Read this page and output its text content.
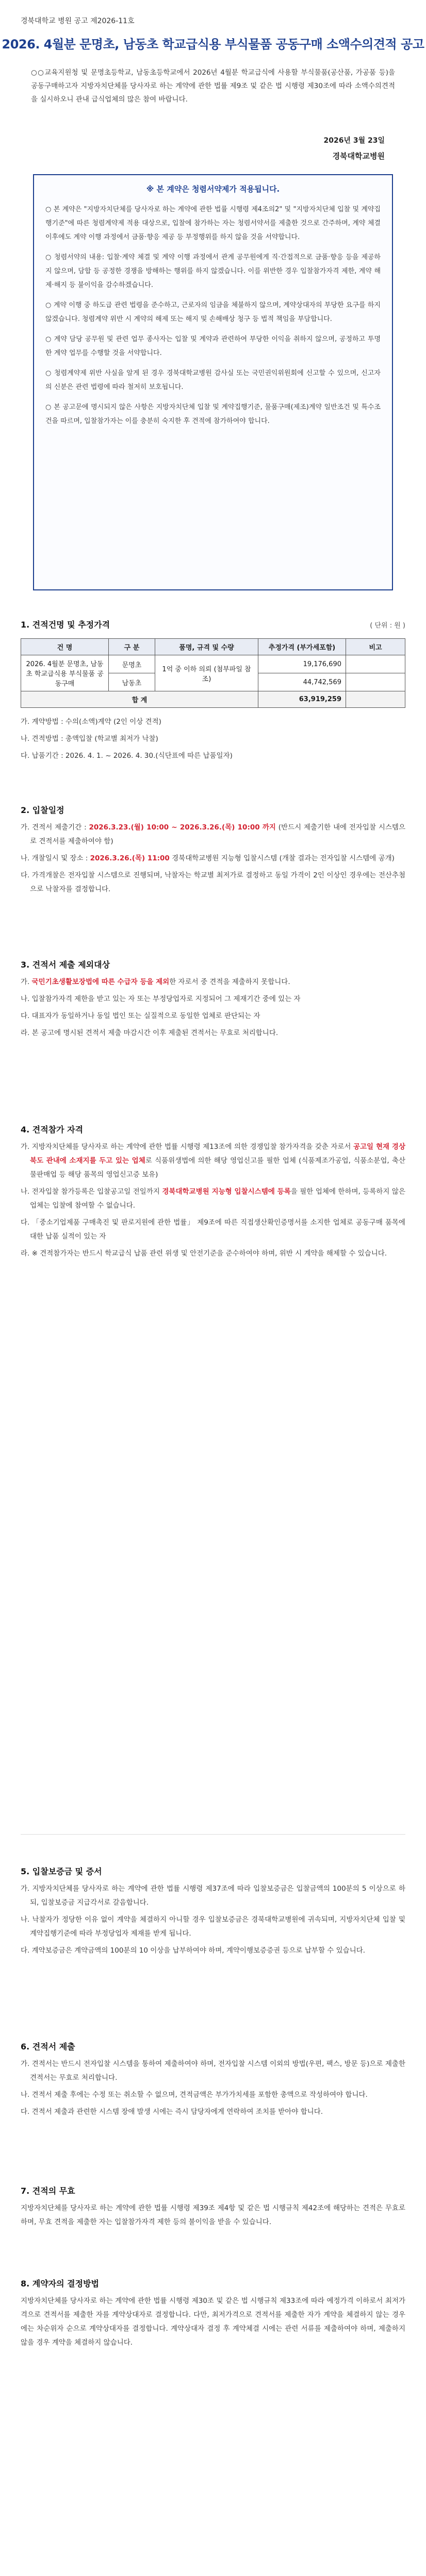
경북대학교 병원 공고 제2026-11호
2026. 4월분 문명초, 남동초 학교급식용 부식물품 공동구매 소액수의견적 공고
○○교육지원청 및 문명초등학교, 남동초등학교에서 2026년 4월분 학교급식에 사용할 부식물품(공산품, 가공품 등)을 공동구매하고자 지방자치단체를 당사자로 하는 계약에 관한 법률 제9조 및 같은 법 시행령 제30조에 따라 소액수의견적을 실시하오니 관내 급식업체의 많은 참여 바랍니다.
2026년 3월 23일
경북대학교병원
※ 본 계약은 청렴서약제가 적용됩니다.
○ 본 계약은 "지방자치단체를 당사자로 하는 계약에 관한 법률 시행령 제4조의2" 및 "지방자치단체 입찰 및 계약집행기준"에 따른 청렴계약제 적용 대상으로, 입찰에 참가하는 자는 청렴서약서를 제출한 것으로 간주하며, 계약 체결 이후에도 계약 이행 과정에서 금품·향응 제공 등 부정행위를 하지 않을 것을 서약합니다.
○ 청렴서약의 내용: 입찰·계약 체결 및 계약 이행 과정에서 관계 공무원에게 직·간접적으로 금품·향응 등을 제공하지 않으며, 담합 등 공정한 경쟁을 방해하는 행위를 하지 않겠습니다. 이를 위반한 경우 입찰참가자격 제한, 계약 해제·해지 등 불이익을 감수하겠습니다.
○ 계약 이행 중 하도급 관련 법령을 준수하고, 근로자의 임금을 체불하지 않으며, 계약상대자의 부당한 요구를 하지 않겠습니다. 청렴계약 위반 시 계약의 해제 또는 해지 및 손해배상 청구 등 법적 책임을 부담합니다.
○ 계약 담당 공무원 및 관련 업무 종사자는 입찰 및 계약과 관련하여 부당한 이익을 취하지 않으며, 공정하고 투명한 계약 업무를 수행할 것을 서약합니다.
○ 청렴계약제 위반 사실을 알게 된 경우 경북대학교병원 감사실 또는 국민권익위원회에 신고할 수 있으며, 신고자의 신분은 관련 법령에 따라 철저히 보호됩니다.
○ 본 공고문에 명시되지 않은 사항은 지방자치단체 입찰 및 계약집행기준, 물품구매(제조)계약 일반조건 및 특수조건을 따르며, 입찰참가자는 이를 충분히 숙지한 후 견적에 참가하여야 합니다.
1. 견적건명 및 추정가격	( 단위 : 원 )
건 명	구 분	품명, 규격 및 수량	추정가격 (부가세포함)	비고
2026. 4월분 문명초, 남동초 학교급식용 부식물품 공동구매	문명초	1억 중 이하 의뢰 (첨부파일 참조)	19,176,690	
	남동초		44,742,569	
합 계			63,919,259	
가. 계약방법 : 수의(소액)계약 (2인 이상 견적)
나. 견적방법 : 총액입찰 (학교별 최저가 낙찰)
다. 납품기간 : 2026. 4. 1. ~ 2026. 4. 30.(식단표에 따른 납품일자)
2. 입찰일정
가. 견적서 제출기간 : 2026.3.23.(월) 10:00 ~ 2026.3.26.(목) 10:00 까지 (반드시 제출기한 내에 전자입찰 시스템으로 견적서를 제출하여야 함)
나. 개찰일시 및 장소 : 2026.3.26.(목) 11:00 경북대학교병원 지능형 입찰시스템 (개찰 결과는 전자입찰 시스템에 공개)
다. 가격개찰은 전자입찰 시스템으로 진행되며, 낙찰자는 학교별 최저가로 결정하고 동일 가격이 2인 이상인 경우에는 전산추첨으로 낙찰자를 결정합니다.
3. 견적서 제출 제외대상
가. 국민기초생활보장법에 따른 수급자 등을 제외한 자로서 중 견적을 제출하지 못합니다.
나. 입찰참가자격 제한을 받고 있는 자 또는 부정당업자로 지정되어 그 제재기간 중에 있는 자
다. 대표자가 동일하거나 동일 법인 또는 실질적으로 동일한 업체로 판단되는 자
라. 본 공고에 명시된 견적서 제출 마감시간 이후 제출된 견적서는 무효로 처리합니다.
4. 견적참가 자격
가. 지방자치단체를 당사자로 하는 계약에 관한 법률 시행령 제13조에 의한 경쟁입찰 참가자격을 갖춘 자로서 공고일 현재 경상북도 관내에 소재지를 두고 있는 업체로 식품위생법에 의한 해당 영업신고를 필한 업체 (식품제조가공업, 식품소분업, 축산물판매업 등 해당 품목의 영업신고증 보유)
나. 전자입찰 참가등록은 입찰공고일 전일까지 경북대학교병원 지능형 입찰시스템에 등록을 필한 업체에 한하며, 등록하지 않은 업체는 입찰에 참여할 수 없습니다.
다. 「중소기업제품 구매촉진 및 판로지원에 관한 법률」 제9조에 따른 직접생산확인증명서를 소지한 업체로 공동구매 품목에 대한 납품 실적이 있는 자
라. ※ 견적참가자는 반드시 학교급식 납품 관련 위생 및 안전기준을 준수하여야 하며, 위반 시 계약을 해제할 수 있습니다.
5. 입찰보증금 및 증서
가. 지방자치단체를 당사자로 하는 계약에 관한 법률 시행령 제37조에 따라 입찰보증금은 입찰금액의 100분의 5 이상으로 하되, 입찰보증금 지급각서로 갈음합니다.
나. 낙찰자가 정당한 이유 없이 계약을 체결하지 아니할 경우 입찰보증금은 경북대학교병원에 귀속되며, 지방자치단체 입찰 및 계약집행기준에 따라 부정당업자 제재를 받게 됩니다.
다. 계약보증금은 계약금액의 100분의 10 이상을 납부하여야 하며, 계약이행보증증권 등으로 납부할 수 있습니다.
6. 견적서 제출
가. 견적서는 반드시 전자입찰 시스템을 통하여 제출하여야 하며, 전자입찰 시스템 이외의 방법(우편, 팩스, 방문 등)으로 제출한 견적서는 무효로 처리합니다.
나. 견적서 제출 후에는 수정 또는 취소할 수 없으며, 견적금액은 부가가치세를 포함한 총액으로 작성하여야 합니다.
다. 견적서 제출과 관련한 시스템 장애 발생 시에는 즉시 담당자에게 연락하여 조치를 받아야 합니다.
7. 견적의 무효
지방자치단체를 당사자로 하는 계약에 관한 법률 시행령 제39조 제4항 및 같은 법 시행규칙 제42조에 해당하는 견적은 무효로 하며, 무효 견적을 제출한 자는 입찰참가자격 제한 등의 불이익을 받을 수 있습니다.
8. 계약자의 결정방법
지방자치단체를 당사자로 하는 계약에 관한 법률 시행령 제30조 및 같은 법 시행규칙 제33조에 따라 예정가격 이하로서 최저가격으로 견적서를 제출한 자를 계약상대자로 결정합니다. 다만, 최저가격으로 견적서를 제출한 자가 계약을 체결하지 않는 경우에는 차순위자 순으로 계약상대자를 결정합니다. 계약상대자 결정 후 계약체결 시에는 관련 서류를 제출하여야 하며, 제출하지 않을 경우 계약을 체결하지 않습니다.
